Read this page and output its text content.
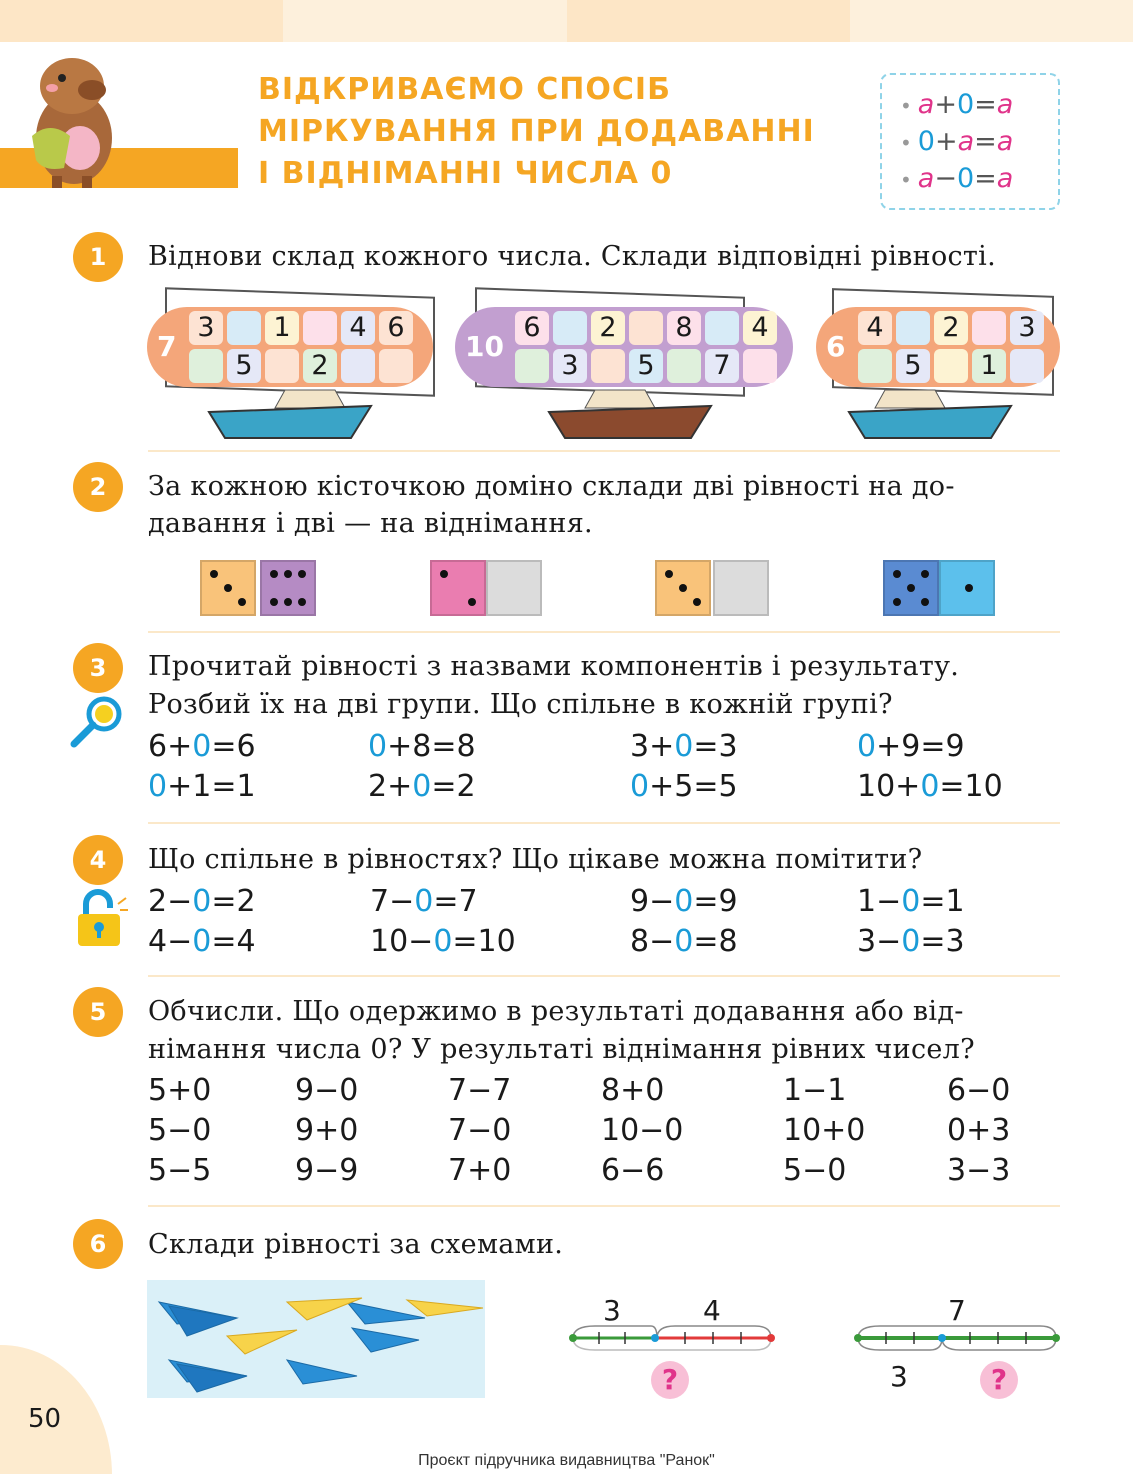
ВІДКРИВАЄМО СПОСІБ
МІРКУВАННЯ ПРИ ДОДАВАННІ
І ВІДНІМАННІ ЧИСЛА 0
• a+0=a
• 0+a=a
• a−0=a
1	Віднови склад кожного числа. Склади відповідні рівності.
7
3	1	4 6
5	2
10
6	2	8	4
3	5	7
6
4	2	3
5	1
2	За кожною кісточкою доміно склади дві рівності на до-
давання і дві — на віднімання.
3	Прочитай рівності з назвами компонентів і результату.
Розбий їх на дві групи. Що спільне в кожній групі?
6+0=6	0+8=8	3+0=3	0+9=9
0+1=1	2+0=2	0+5=5	10+0=10
4	Що спільне в рівностях? Що цікаве можна помітити?
2−0=2	7−0=7	9−0=9	1−0=1
4−0=4	10−0=10	8−0=8	3−0=3
5	Обчисли. Що одержимо в результаті додавання або від-
німання числа 0? У результаті віднімання рівних чисел?
5+0	9−0	7−7	8+0	1−1	6−0
5−0	9+0	7−0	10−0	10+0	0+3
5−5	9−9	7+0	6−6	5−0	3−3
6	Склади рівності за схемами.
3	4
?
7
3	?
50
Проєкт підручника видавництва "Ранок"
